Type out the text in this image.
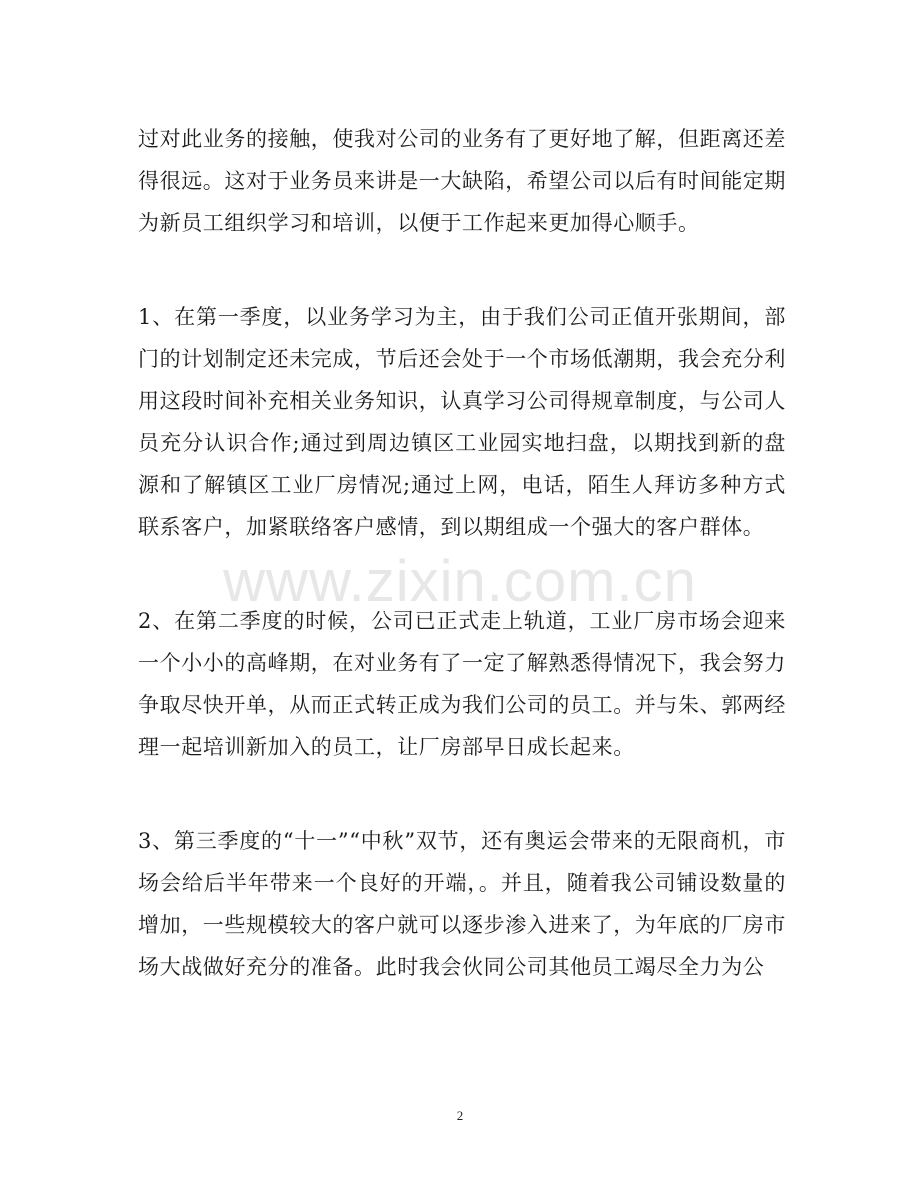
过对此业务的接触，使我对公司的业务有了更好地了解，但距离还差得很远。这对于业务员来讲是一大缺陷，希望公司以后有时间能定期为新员工组织学习和培训，以便于工作起来更加得心顺手。

1、在第一季度，以业务学习为主，由于我们公司正值开张期间，部门的计划制定还未完成，节后还会处于一个市场低潮期，我会充分利用这段时间补充相关业务知识，认真学习公司得规章制度，与公司人员充分认识合作;通过到周边镇区工业园实地扫盘，以期找到新的盘源和了解镇区工业厂房情况;通过上网，电话，陌生人拜访多种方式联系客户，加紧联络客户感情，到以期组成一个强大的客户群体。

2、在第二季度的时候，公司已正式走上轨道，工业厂房市场会迎来一个小小的高峰期，在对业务有了一定了解熟悉得情况下，我会努力争取尽快开单，从而正式转正成为我们公司的员工。并与朱、郭两经理一起培训新加入的员工，让厂房部早日成长起来。

3、第三季度的“十一”“中秋”双节，还有奥运会带来的无限商机，市场会给后半年带来一个良好的开端，。并且，随着我公司铺设数量的增加，一些规模较大的客户就可以逐步渗入进来了，为年底的厂房市场大战做好充分的准备。此时我会伙同公司其他员工竭尽全力为公

www.zixin.com.cn
2
